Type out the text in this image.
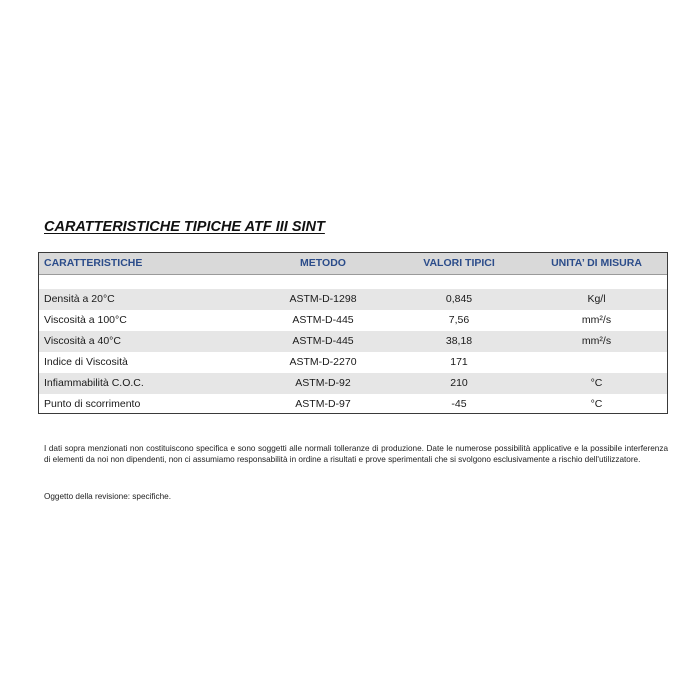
CARATTERISTICHE TIPICHE ATF III SINT
CARATTERISTICHE	METODO	VALORI TIPICI	UNITA’ DI MISURA
Densità a 20°C	ASTM-D-1298	0,845	Kg/l
Viscosità a 100°C	ASTM-D-445	7,56	mm²/s
Viscosità a 40°C	ASTM-D-445	38,18	mm²/s
Indice di Viscosità	ASTM-D-2270	171
Infiammabilità C.O.C.	ASTM-D-92	210	°C
Punto di scorrimento	ASTM-D-97	-45	°C
I dati sopra menzionati non costituiscono specifica e sono soggetti alle normali tolleranze di produzione. Date le numerose possibilità applicative e la possibile interferenza di elementi da noi non dipendenti, non ci assumiamo responsabilità in ordine a risultati e prove sperimentali che si svolgono esclusivamente a rischio dell'utilizzatore.
Oggetto della revisione: specifiche.
